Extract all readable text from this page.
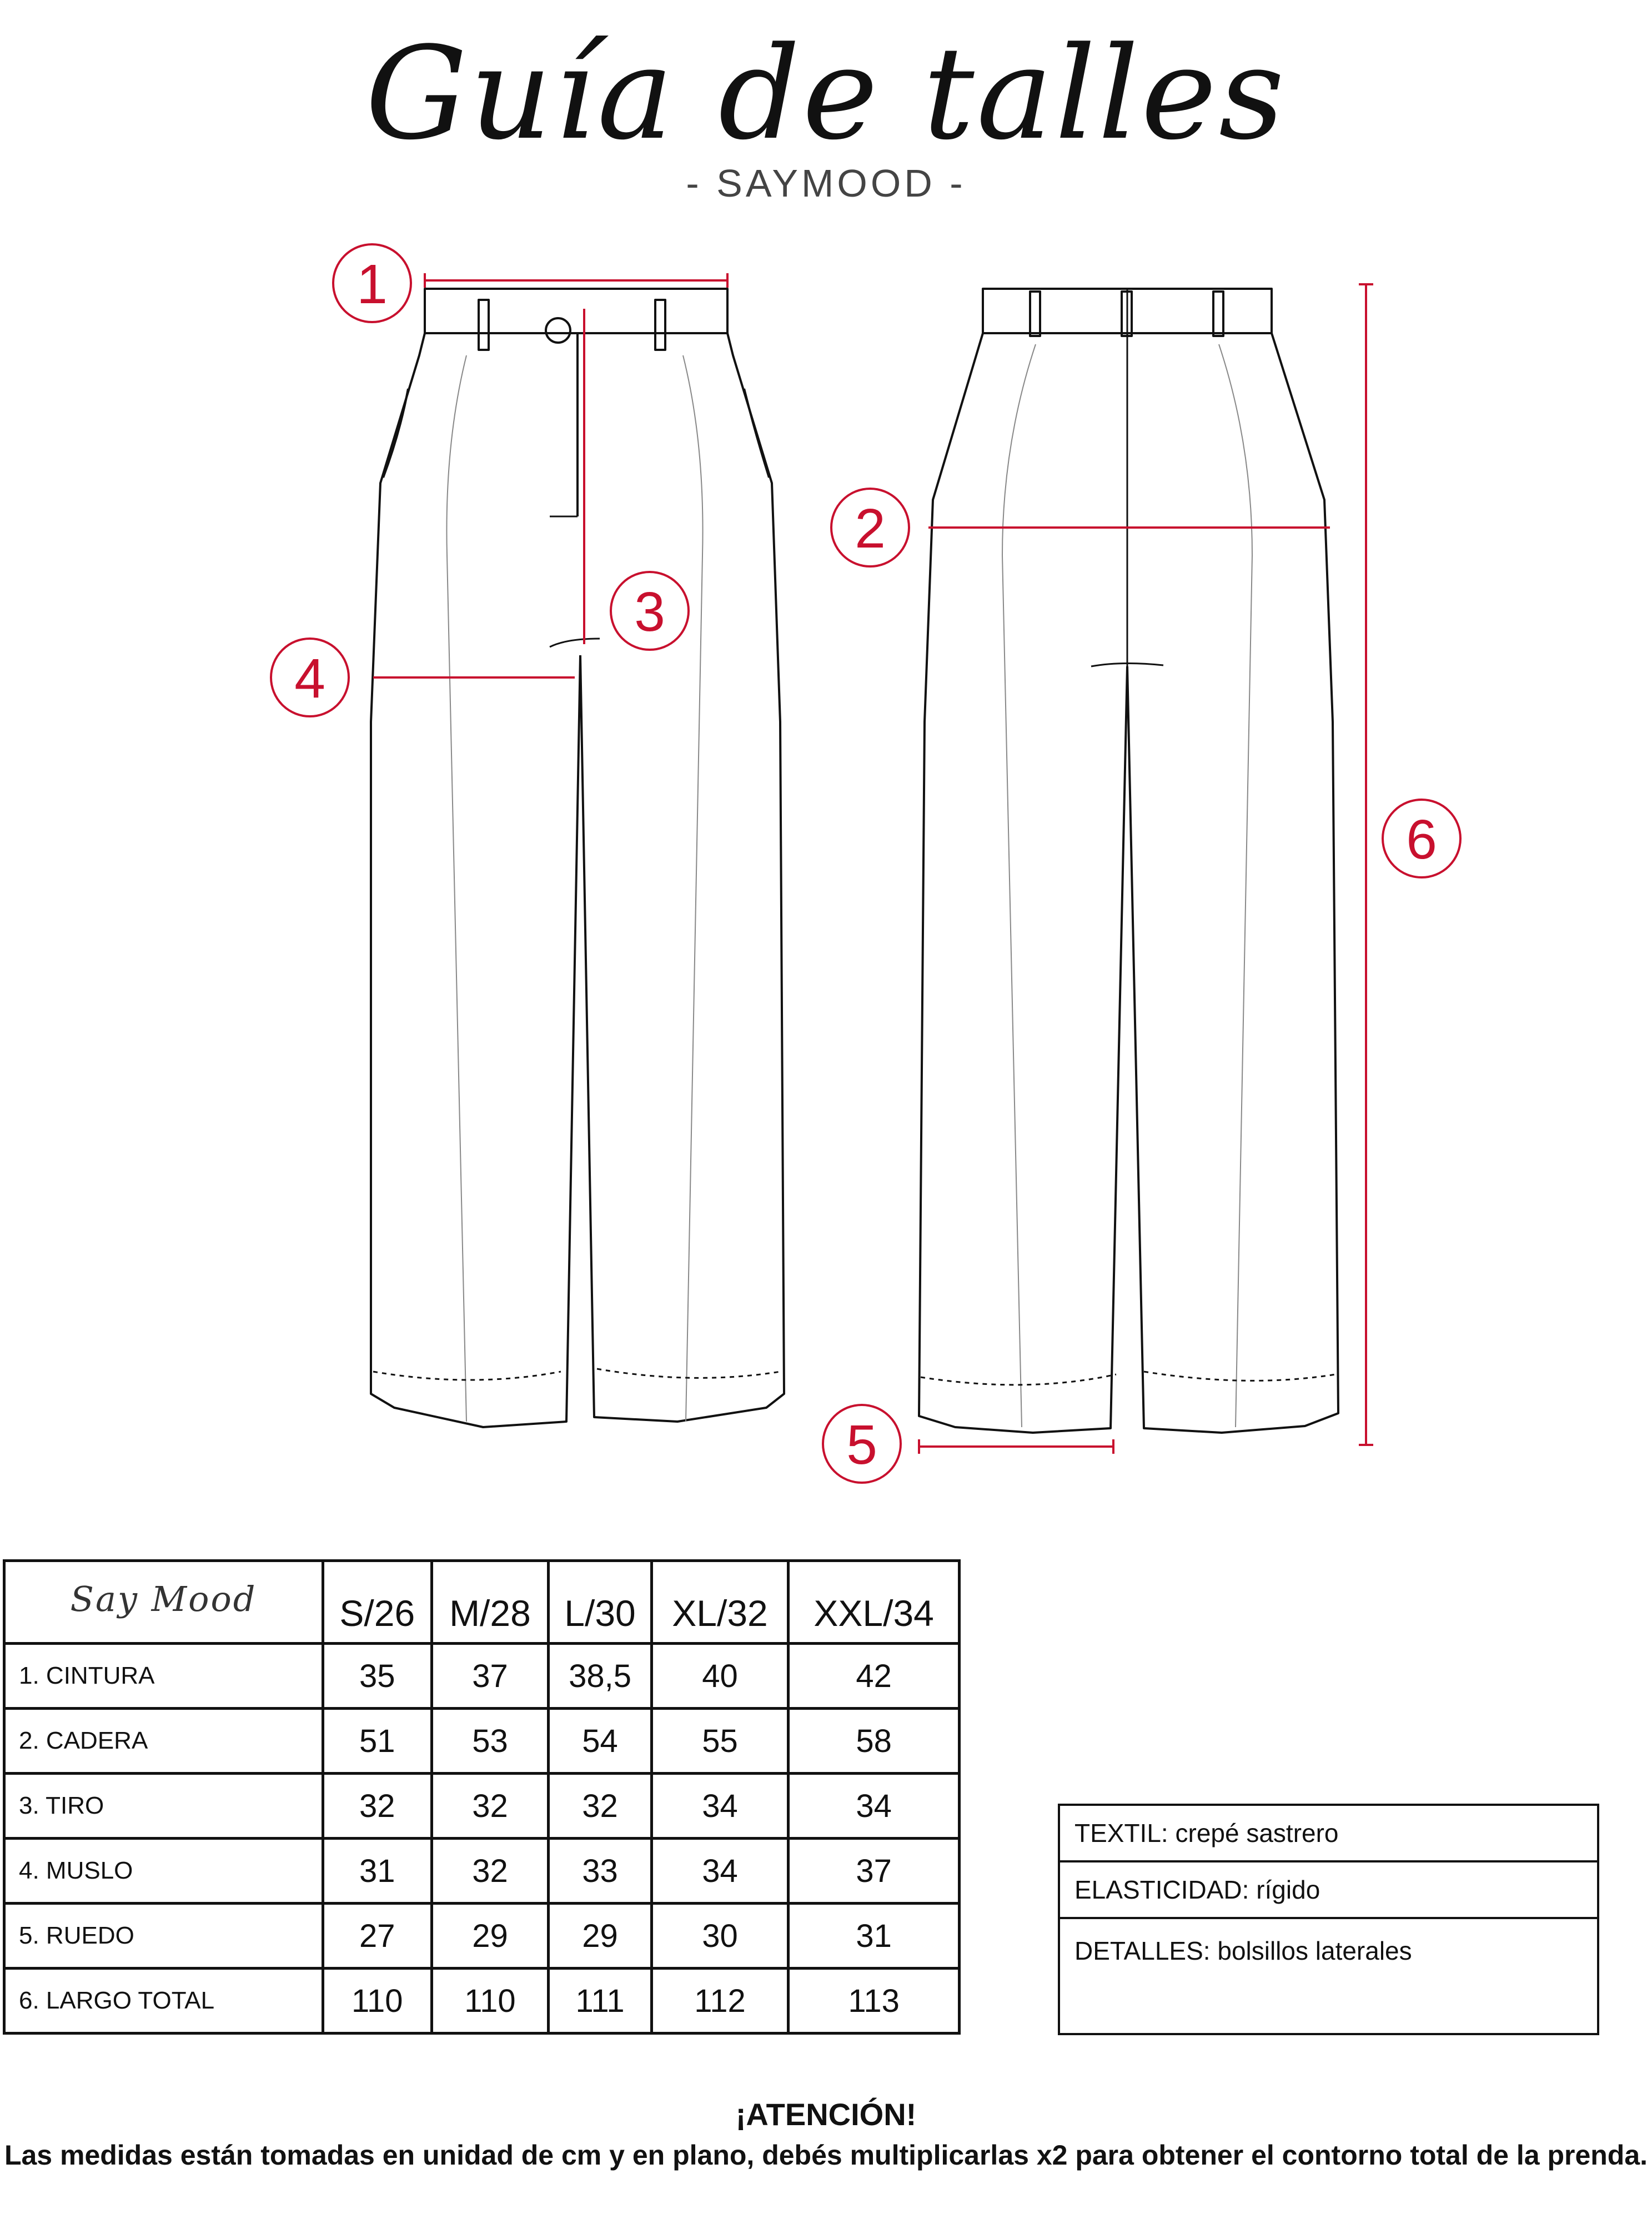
Guía de talles
- SAYMOOD -
1
2
3
4
5
6
Say Mood	S/26	M/28	L/30	XL/32	XXL/34
1. CINTURA	35	37	38,5	40	42
2. CADERA	51	53	54	55	58
3. TIRO	32	32	32	34	34
4. MUSLO	31	32	33	34	37
5. RUEDO	27	29	29	30	31
6. LARGO TOTAL	110	110	111	112	113
TEXTIL: crepé sastrero
ELASTICIDAD: rígido
DETALLES: bolsillos laterales
¡ATENCIÓN!
Las medidas están tomadas en unidad de cm y en plano, debés multiplicarlas x2 para obtener el contorno total de la prenda.
